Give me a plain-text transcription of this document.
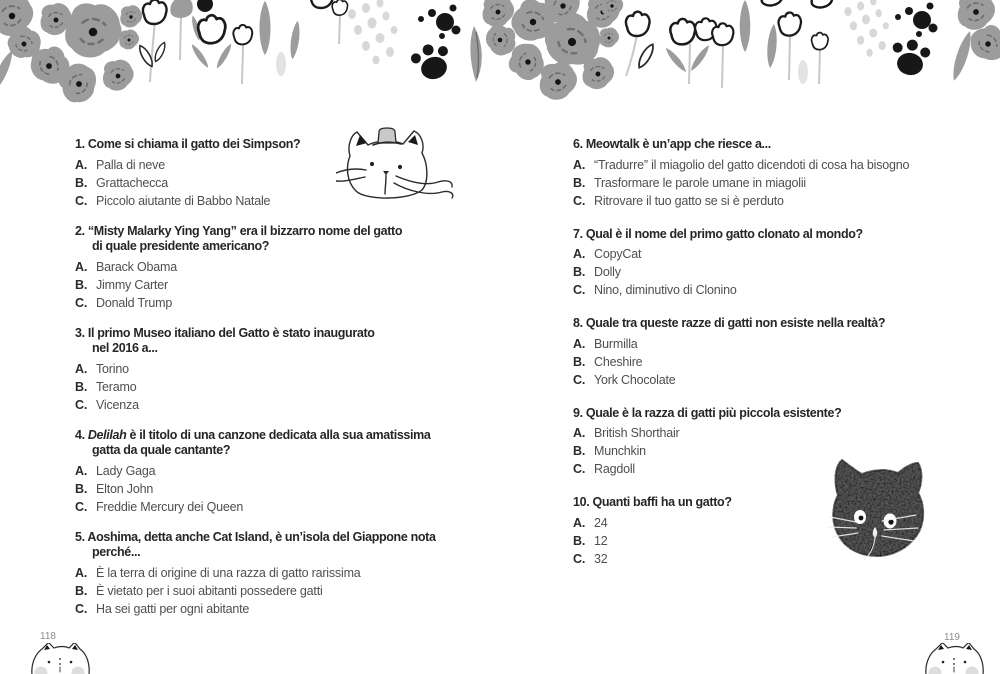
1. Come si chiama il gatto dei Simpson?
A. Palla di neve
B. Grattachecca
C. Piccolo aiutante di Babbo Natale
2. “Misty Malarky Ying Yang” era il bizzarro nome del gatto
di quale presidente americano?
A. Barack Obama
B. Jimmy Carter
C. Donald Trump
3. Il primo Museo italiano del Gatto è stato inaugurato
nel 2016 a...
A. Torino
B. Teramo
C. Vicenza
4. Delilah è il titolo di una canzone dedicata alla sua amatissima
gatta da quale cantante?
A. Lady Gaga
B. Elton John
C. Freddie Mercury dei Queen
5. Aoshima, detta anche Cat Island, è un’isola del Giappone nota
perché...
A. È la terra di origine di una razza di gatto rarissima
B. È vietato per i suoi abitanti possedere gatti
C. Ha sei gatti per ogni abitante
6. Meowtalk è un’app che riesce a...
A. “Tradurre” il miagolio del gatto dicendoti di cosa ha bisogno
B. Trasformare le parole umane in miagolii
C. Ritrovare il tuo gatto se si è perduto
7. Qual è il nome del primo gatto clonato al mondo?
A. CopyCat
B. Dolly
C. Nino, diminutivo di Clonino
8. Quale tra queste razze di gatti non esiste nella realtà?
A. Burmilla
B. Cheshire
C. York Chocolate
9. Quale è la razza di gatti più piccola esistente?
A. British Shorthair
B. Munchkin
C. Ragdoll
10. Quanti baffi ha un gatto?
A. 24
B. 12
C. 32
118	119
